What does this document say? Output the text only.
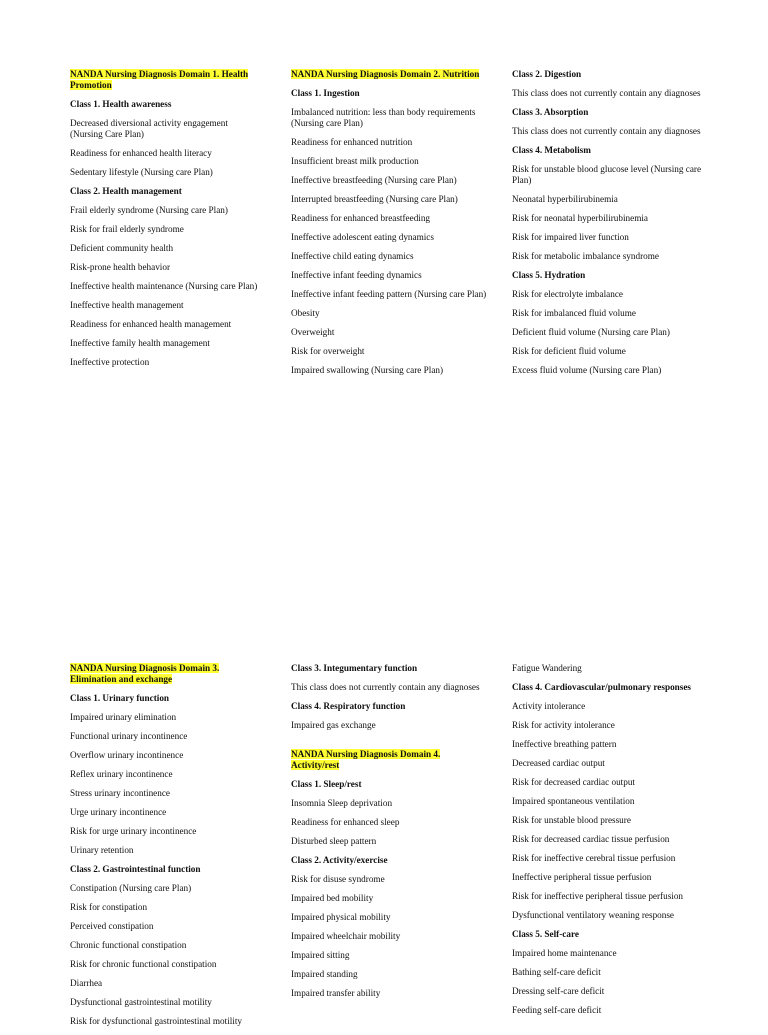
NANDA Nursing Diagnosis Domain 1. Health Promotion
Class 1. Health awareness
Decreased diversional activity engagement (Nursing Care Plan)
Readiness for enhanced health literacy
Sedentary lifestyle (Nursing care Plan)
Class 2. Health management
Frail elderly syndrome (Nursing care Plan)
Risk for frail elderly syndrome
Deficient community health
Risk-prone health behavior
Ineffective health maintenance (Nursing care Plan)
Ineffective health management
Readiness for enhanced health management
Ineffective family health management
Ineffective protection
NANDA Nursing Diagnosis Domain 2. Nutrition
Class 1. Ingestion
Imbalanced nutrition: less than body requirements (Nursing care Plan)
Readiness for enhanced nutrition
Insufficient breast milk production
Ineffective breastfeeding (Nursing care Plan)
Interrupted breastfeeding (Nursing care Plan)
Readiness for enhanced breastfeeding
Ineffective adolescent eating dynamics
Ineffective child eating dynamics
Ineffective infant feeding dynamics
Ineffective infant feeding pattern (Nursing care Plan)
Obesity
Overweight
Risk for overweight
Impaired swallowing (Nursing care Plan)
Class 2. Digestion
This class does not currently contain any diagnoses
Class 3. Absorption
This class does not currently contain any diagnoses
Class 4. Metabolism
Risk for unstable blood glucose level (Nursing care Plan)
Neonatal hyperbilirubinemia
Risk for neonatal hyperbilirubinemia
Risk for impaired liver function
Risk for metabolic imbalance syndrome
Class 5. Hydration
Risk for electrolyte imbalance
Risk for imbalanced fluid volume
Deficient fluid volume (Nursing care Plan)
Risk for deficient fluid volume
Excess fluid volume (Nursing care Plan)
NANDA Nursing Diagnosis Domain 3. Elimination and exchange
Class 1. Urinary function
Impaired urinary elimination
Functional urinary incontinence
Overflow urinary incontinence
Reflex urinary incontinence
Stress urinary incontinence
Urge urinary incontinence
Risk for urge urinary incontinence
Urinary retention
Class 2. Gastrointestinal function
Constipation (Nursing care Plan)
Risk for constipation
Perceived constipation
Chronic functional constipation
Risk for chronic functional constipation
Diarrhea
Dysfunctional gastrointestinal motility
Risk for dysfunctional gastrointestinal motility
Class 3. Integumentary function
This class does not currently contain any diagnoses
Class 4. Respiratory function
Impaired gas exchange
NANDA Nursing Diagnosis Domain 4. Activity/rest
Class 1. Sleep/rest
Insomnia Sleep deprivation
Readiness for enhanced sleep
Disturbed sleep pattern
Class 2. Activity/exercise
Risk for disuse syndrome
Impaired bed mobility
Impaired physical mobility
Impaired wheelchair mobility
Impaired sitting
Impaired standing
Impaired transfer ability
Fatigue Wandering
Class 4. Cardiovascular/pulmonary responses
Activity intolerance
Risk for activity intolerance
Ineffective breathing pattern
Decreased cardiac output
Risk for decreased cardiac output
Impaired spontaneous ventilation
Risk for unstable blood pressure
Risk for decreased cardiac tissue perfusion
Risk for ineffective cerebral tissue perfusion
Ineffective peripheral tissue perfusion
Risk for ineffective peripheral tissue perfusion
Dysfunctional ventilatory weaning response
Class 5. Self-care
Impaired home maintenance
Bathing self-care deficit
Dressing self-care deficit
Feeding self-care deficit
